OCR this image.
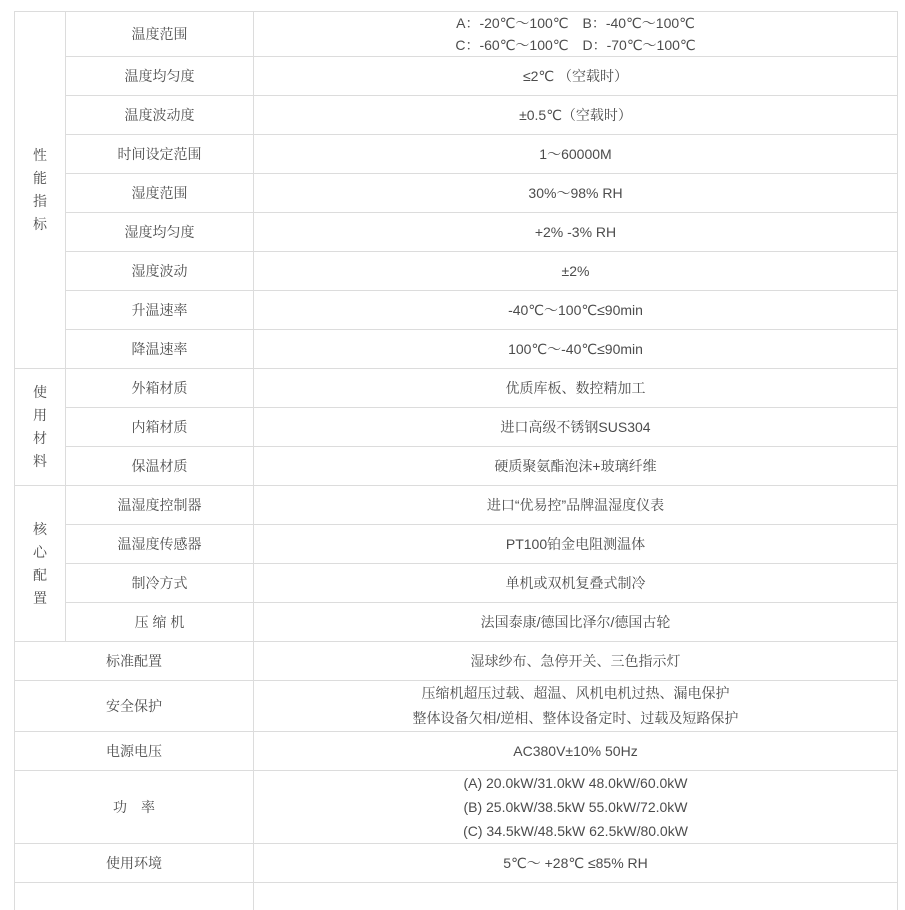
性能指标	温度范围	A：-20℃～100℃　B：-40℃～100℃
C：-60℃～100℃　D：-70℃～100℃

	温度均匀度	≤2℃ （空载时）
	温度波动度	±0.5℃（空载时）
	时间设定范围	1～60000M
	湿度范围	30%～98% RH
	湿度均匀度	+2% -3% RH
	湿度波动	±2%
	升温速率	-40℃～100℃≤90min
	降温速率	100℃～-40℃≤90min

使用材料	外箱材质	优质库板、数控精加工
	内箱材质	进口高级不锈钢SUS304
	保温材质	硬质聚氨酯泡沫+玻璃纤维

核心配置	温湿度控制器	进口“优易控”品牌温湿度仪表
	温湿度传感器	PT100铂金电阻测温体
	制冷方式	单机或双机复叠式制冷
	压 缩 机	法国泰康/德国比泽尔/德国古轮
标准配置		湿球纱布、急停开关、三色指示灯
安全保护		压缩机超压过载、超温、风机电机过热、漏电保护
整体设备欠相/逆相、整体设备定时、过载及短路保护

电源电压		AC380V±10% 50Hz
功　率		(A) 20.0kW/31.0kW 48.0kW/60.0kW
(B) 25.0kW/38.5kW 55.0kW/72.0kW
(C) 34.5kW/48.5kW 62.5kW/80.0kW

使用环境		5℃～ +28℃ ≤85% RH
